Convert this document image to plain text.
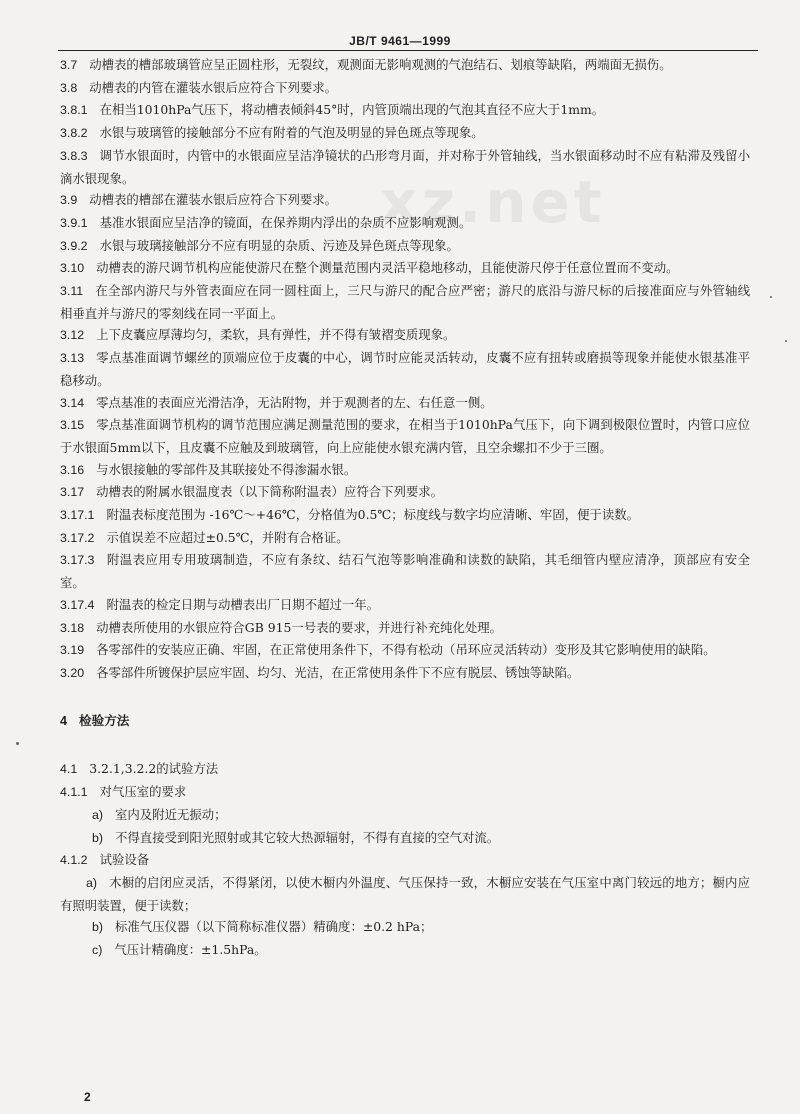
JB/T 9461—1999
xz.net
3.7 动槽表的槽部玻璃管应呈正圆柱形，无裂纹，观测面无影响观测的气泡结石、划痕等缺陷，两端面无损伤。
3.8 动槽表的内管在灌装水银后应符合下列要求。
3.8.1 在相当1010hPa气压下，将动槽表倾斜45°时，内管顶端出现的气泡其直径不应大于1mm。
3.8.2 水银与玻璃管的接触部分不应有附着的气泡及明显的异色斑点等现象。
3.8.3 调节水银面时，内管中的水银面应呈洁净镜状的凸形弯月面，并对称于外管轴线，当水银面移动时不应有粘滞及残留小滴水银现象。
3.9 动槽表的槽部在灌装水银后应符合下列要求。
3.9.1 基准水银面应呈洁净的镜面，在保养期内浮出的杂质不应影响观测。
3.9.2 水银与玻璃接触部分不应有明显的杂质、污迹及异色斑点等现象。
3.10 动槽表的游尺调节机构应能使游尺在整个测量范围内灵活平稳地移动，且能使游尺停于任意位置而不变动。
3.11 在全部内游尺与外管表面应在同一圆柱面上，三尺与游尺的配合应严密；游尺的底沿与游尺标的后接准面应与外管轴线相垂直并与游尺的零刻线在同一平面上。
3.12 上下皮囊应厚薄均匀，柔软，具有弹性，并不得有皱褶变质现象。
3.13 零点基准面调节螺丝的顶端应位于皮囊的中心，调节时应能灵活转动，皮囊不应有扭转或磨损等现象并能使水银基准平稳移动。
3.14 零点基准的表面应光滑洁净，无沾附物，并于观测者的左、右任意一侧。
3.15 零点基准面调节机构的调节范围应满足测量范围的要求，在相当于1010hPa气压下，向下调到极限位置时，内管口应位于水银面5mm以下，且皮囊不应触及到玻璃管，向上应能使水银充满内管，且空余螺扣不少于三圈。
3.16 与水银接触的零部件及其联接处不得渗漏水银。
3.17 动槽表的附属水银温度表（以下简称附温表）应符合下列要求。
3.17.1 附温表标度范围为 -16℃～+46℃，分格值为0.5℃；标度线与数字均应清晰、牢固，便于读数。
3.17.2 示值误差不应超过±0.5℃，并附有合格证。
3.17.3 附温表应用专用玻璃制造，不应有条纹、结石气泡等影响准确和读数的缺陷，其毛细管内壁应清净，顶部应有安全室。
3.17.4 附温表的检定日期与动槽表出厂日期不超过一年。
3.18 动槽表所使用的水银应符合GB 915一号表的要求，并进行补充纯化处理。
3.19 各零部件的安装应正确、牢固，在正常使用条件下，不得有松动（吊环应灵活转动）变形及其它影响使用的缺陷。
3.20 各零部件所镀保护层应牢固、均匀、光洁，在正常使用条件下不应有脱层、锈蚀等缺陷。
4 检验方法
4.1 3.2.1,3.2.2的试验方法
4.1.1 对气压室的要求
a) 室内及附近无振动；
b) 不得直接受到阳光照射或其它较大热源辐射，不得有直接的空气对流。
4.1.2 试验设备
a) 木橱的启闭应灵活，不得紧闭，以使木橱内外温度、气压保持一致，木橱应安装在气压室中离门较远的地方；橱内应有照明装置，便于读数；
b) 标准气压仪器（以下简称标准仪器）精确度：±0.2 hPa；
c) 气压计精确度：±1.5hPa。
2
